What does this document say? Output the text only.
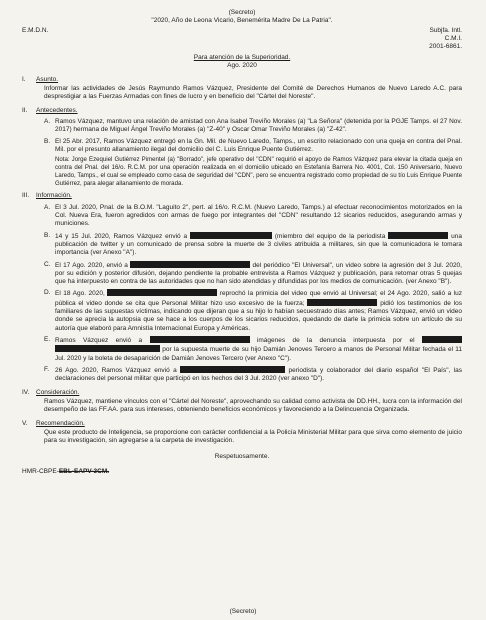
(Secreto)
"2020, Año de Leona Vicario, Benemérita Madre De La Patria".
E.M.D.N.	Subjfa. Intl.
C.M.I.
2001-6861.
Para atención de la Superioridad.
Ago. 2020
I.	Asunto.
Informar las actividades de Jesús Raymundo Ramos Vázquez, Presidente del Comité de Derechos Humanos de Nuevo Laredo A.C. para desprestigiar a las Fuerzas Armadas con fines de lucro y en beneficio del "Cártel del Noreste".
II.	Antecedentes.
A. Ramos Vázquez, mantuvo una relación de amistad con Ana Isabel Treviño Morales (a) "La Señora" (detenida por la PGJE Tamps. el 27 Nov. 2017) hermana de Miguel Ángel Treviño Morales (a) "Z-40" y Oscar Omar Treviño Morales (a) "Z-42".
B. El 25 Abr. 2017, Ramos Vázquez entregó en la Gn. Mil. de Nuevo Laredo, Tamps., un escrito relacionado con una queja en contra del Pnal. Mil. por el presunto allanamiento ilegal del domicilio del C. Luis Enrique Puente Gutiérrez.
Nota: Jorge Ezequiel Gutiérrez Pimentel (a) "Borrado", jefe operativo del "CDN" requirió el apoyo de Ramos Vázquez para elevar la citada queja en contra del Pnal. del 16/o. R.C.M. por una operación realizada en el domicilio ubicado en Estefanía Barrera No. 4001, Col. 150 Aniversario, Nuevo Laredo, Tamps., el cual se empleado como casa de seguridad del "CDN", pero se encuentra registrado como propiedad de su tío Luis Enrique Puente Gutiérrez, para alegar allanamiento de morada.
III.	Información.
A. El 3 Jul. 2020, Pnal. de la B.O.M. "Laguito 2", pert. al 16/o. R.C.M. (Nuevo Laredo, Tamps.) al efectuar reconocimientos motorizados en la Col. Nueva Era, fueron agredidos con armas de fuego por integrantes del "CDN" resultando 12 sicarios reducidos, asegurando armas y municiones.
B. 14 y 15 Jul. 2020, Ramos Vázquez envió a	(miembro del equipo de la periodista	una publicación de twitter y un comunicado de prensa sobre la muerte de 3 civiles atribuida a militares, sin que la comunicadora le tomara importancia (ver Anexo "A").
C. El 17 Ago. 2020, envió a	del periódico "El Universal", un video sobre la agresión del 3 Jul. 2020, por su edición y posterior difusión, dejando pendiente la probable entrevista a Ramos Vázquez y publicación, para retomar otras 5 quejas que ha interpuesto en contra de las autoridades que no han sido atendidas y difundidas por los medios de comunicación. (ver Anexo "B").
D. El 18 Ago. 2020,	reprochó la primicia del video que envió al Universal; el 24 Ago. 2020, salió a luz pública el video donde se cita que Personal Militar hizo uso excesivo de la fuerza;	pidió los testimonios de los familiares de las supuestas víctimas, indicando que dijeran que a su hijo lo habían secuestrado días antes; Ramos Vázquez, envió un video donde se aprecia la autopsia que se hace a los cuerpos de los sicarios reducidos, quedando de darle la primicia sobre un artículo de su autoría que elaboró para Amnistía Internacional Europa y Américas.
E. Ramos Vázquez envió a	imágenes de la denuncia interpuesta por el   por la supuesta muerte de su hijo Damián Jenoves Tercero a manos de Personal Militar fechada el 11 Jul. 2020 y la boleta de desaparición de Damián Jenoves Tercero (ver Anexo "C").
F. 26 Ago. 2020, Ramos Vázquez envió a	periodista y colaborador del diario español "El País", las declaraciones del personal militar que participó en los hechos del 3 Jul. 2020 (ver anexo "D").
IV.	Consideración.
Ramos Vázquez, mantiene vínculos con el "Cártel del Noreste", aprovechando su calidad como activista de DD.HH., lucra con la información del desempeño de las FF.AA. para sus intereses, obteniendo beneficios económicos y favoreciendo a la Delincuencia Organizada.
V.	Recomendación.
Que este producto de Inteligencia, se proporcione con carácter confidencial a la Policía Ministerial Militar para que sirva como elemento de juicio para su investigación, sin agregarse a la carpeta de investigación.
Respetuosamente.
HMR-CBPE-EBL-EAPV-3CM.
(Secreto)
